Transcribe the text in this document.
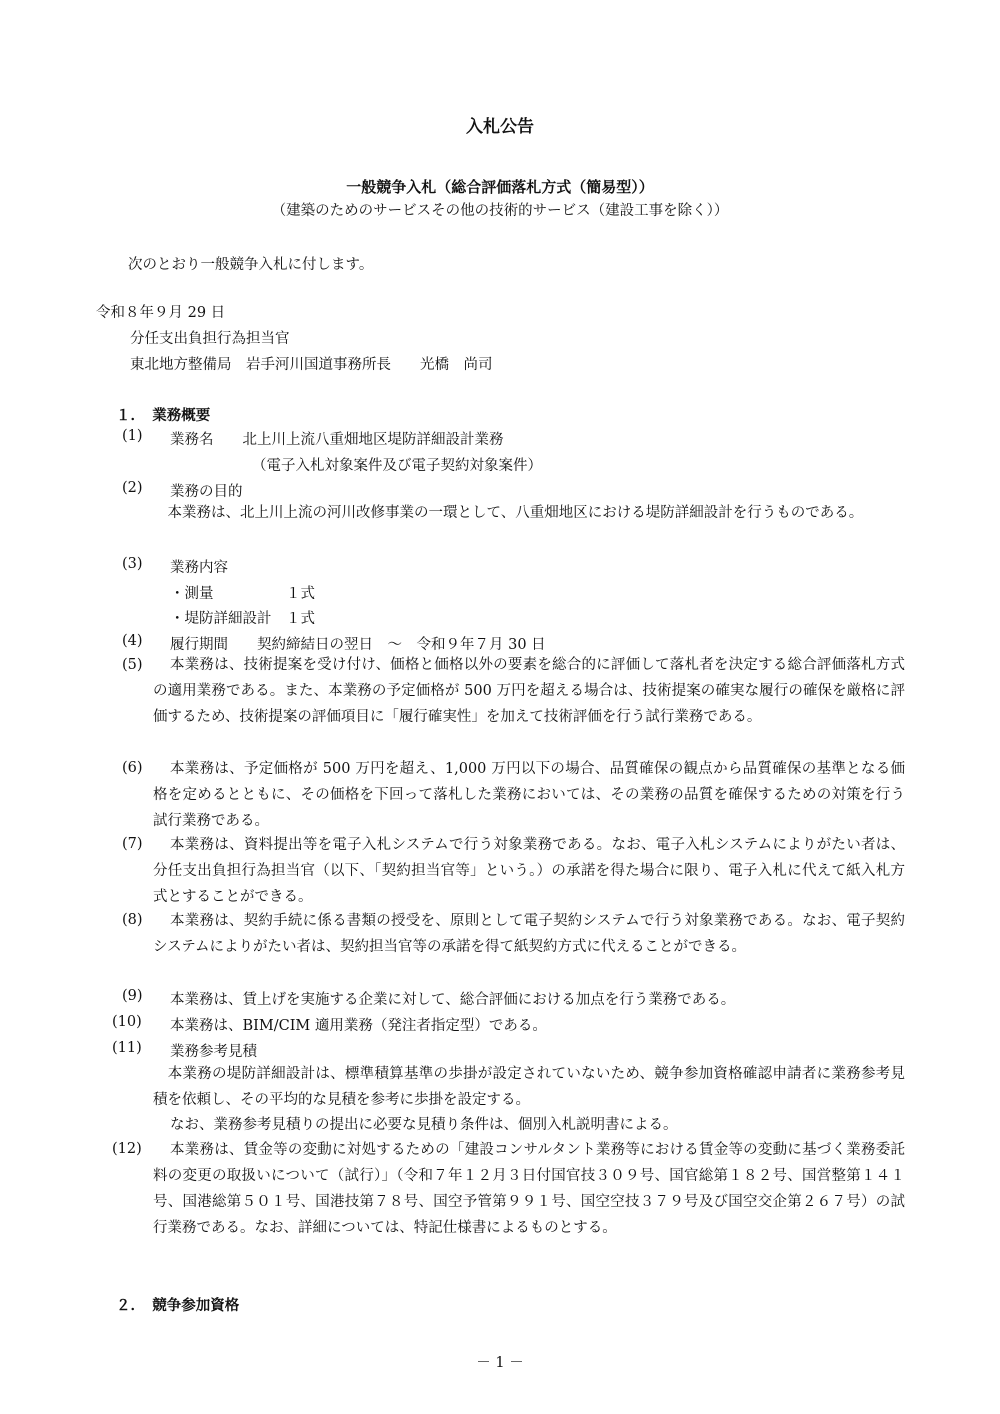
入札公告
一般競争入札（総合評価落札方式（簡易型））
（建築のためのサービスその他の技術的サービス（建設工事を除く））
次のとおり一般競争入札に付します。
令和８年９月 29 日
分任支出負担行為担当官
東北地方整備局　岩手河川国道事務所長　　光橋　尚司
１．　業務概要
(1) 業務名　　北上川上流八重畑地区堤防詳細設計業務
（電子入札対象案件及び電子契約対象案件）
(2) 業務の目的
　本業務は、北上川上流の河川改修事業の一環として、八重畑地区における堤防詳細設計を行うものである。
(3) 業務内容
・測量　　　　　１式
・堤防詳細設計　１式
(4) 履行期間　　契約締結日の翌日　～　令和９年７月 30 日
(5)	本業務は、技術提案を受け付け、価格と価格以外の要素を総合的に評価して落札者を決定する総合評価落札方式の適用業務である。また、本業務の予定価格が 500 万円を超える場合は、技術提案の確実な履行の確保を厳格に評価するため、技術提案の評価項目に「履行確実性」を加えて技術評価を行う試行業務である。
(6)	本業務は、予定価格が 500 万円を超え、1,000 万円以下の場合、品質確保の観点から品質確保の基準となる価格を定めるとともに、その価格を下回って落札した業務においては、その業務の品質を確保するための対策を行う試行業務である。
(7)	本業務は、資料提出等を電子入札システムで行う対象業務である。なお、電子入札システムによりがたい者は、分任支出負担行為担当官（以下、「契約担当官等」という。）の承諾を得た場合に限り、電子入札に代えて紙入札方式とすることができる。
(8)	本業務は、契約手続に係る書類の授受を、原則として電子契約システムで行う対象業務である。なお、電子契約システムによりがたい者は、契約担当官等の承諾を得て紙契約方式に代えることができる。
(9) 本業務は、賃上げを実施する企業に対して、総合評価における加点を行う業務である。
(10) 本業務は、BIM/CIM 適用業務（発注者指定型）である。
(11) 業務参考見積
　本業務の堤防詳細設計は、標準積算基準の歩掛が設定されていないため、競争参加資格確認申請者に業務参考見積を依頼し、その平均的な見積を参考に歩掛を設定する。
なお、業務参考見積りの提出に必要な見積り条件は、個別入札説明書による。
(12)	本業務は、賃金等の変動に対処するための「建設コンサルタント業務等における賃金等の変動に基づく業務委託料の変更の取扱いについて（試行）」（令和７年１２月３日付国官技３０９号、国官総第１８２号、国営整第１４１号、国港総第５０１号、国港技第７８号、国空予管第９９１号、国空空技３７９号及び国空交企第２６７号）の試行業務である。なお、詳細については、特記仕様書によるものとする。
２．　競争参加資格
－ 1 －
